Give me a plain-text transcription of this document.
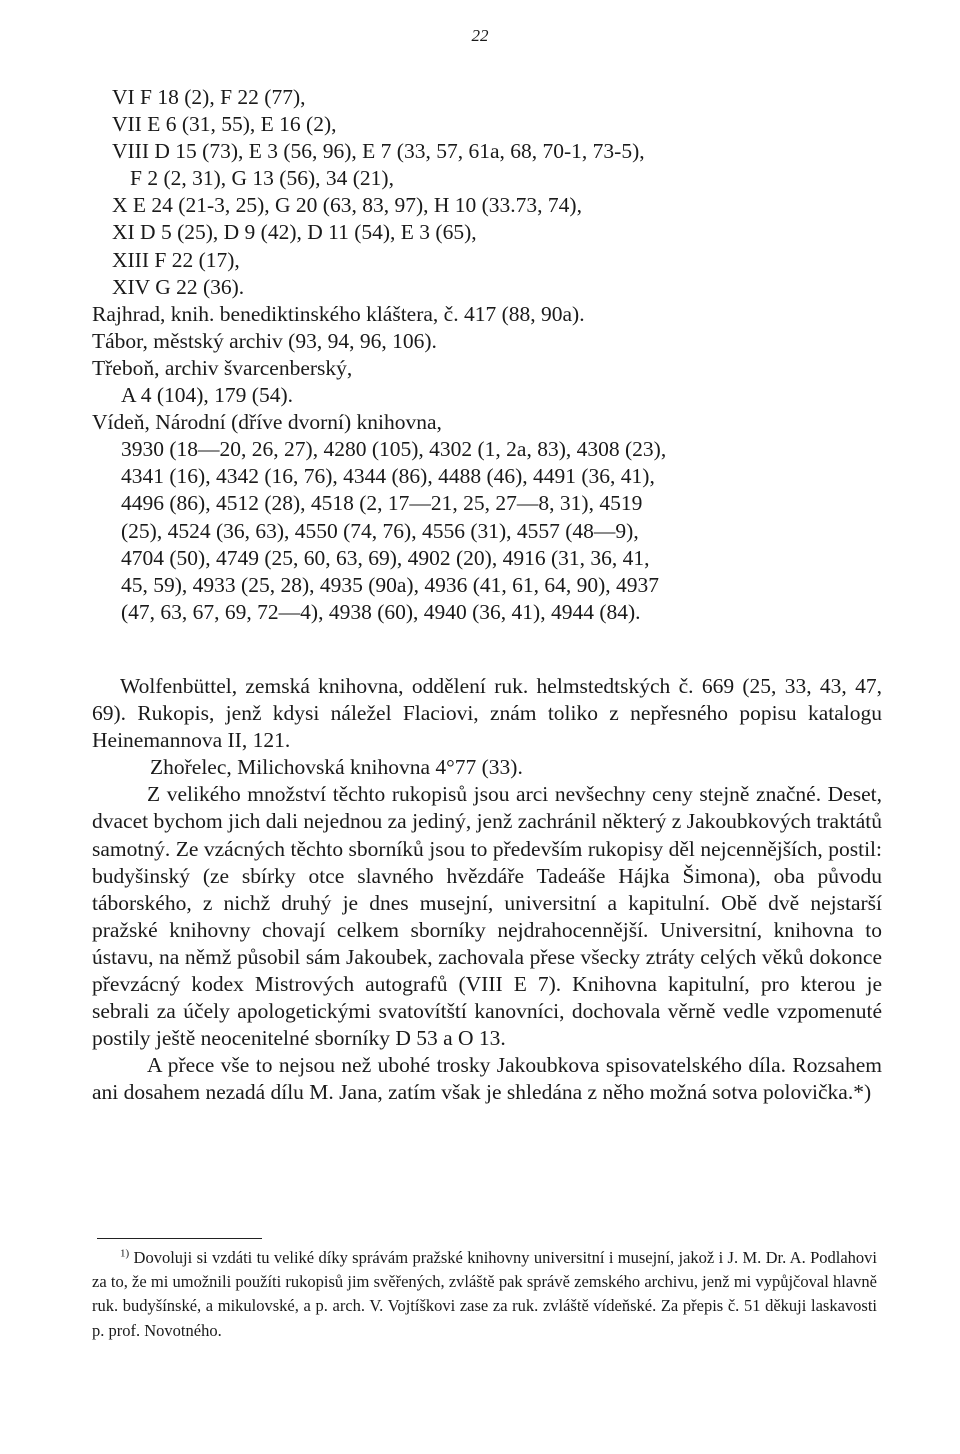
22
VI F 18 (2), F 22 (77),
VII E 6 (31, 55), E 16 (2),
VIII D 15 (73), E 3 (56, 96), E 7 (33, 57, 61a, 68, 70-1, 73-5),
F 2 (2, 31), G 13 (56), 34 (21),
X E 24 (21-3, 25), G 20 (63, 83, 97), H 10 (33.73, 74),
XI D 5 (25), D 9 (42), D 11 (54), E 3 (65),
XIII F 22 (17),
XIV G 22 (36).
Rajhrad, knih. benediktinského kláštera, č. 417 (88, 90a).
Tábor, městský archiv (93, 94, 96, 106).
Třeboň, archiv švarcenberský,
A 4 (104), 179 (54).
Vídeň, Národní (dříve dvorní) knihovna,
3930 (18—20, 26, 27), 4280 (105), 4302 (1, 2a, 83), 4308 (23),
4341 (16), 4342 (16, 76), 4344 (86), 4488 (46), 4491 (36, 41),
4496 (86), 4512 (28), 4518 (2, 17—21, 25, 27—8, 31), 4519
(25), 4524 (36, 63), 4550 (74, 76), 4556 (31), 4557 (48—9),
4704 (50), 4749 (25, 60, 63, 69), 4902 (20), 4916 (31, 36, 41,
45, 59), 4933 (25, 28), 4935 (90a), 4936 (41, 61, 64, 90), 4937
(47, 63, 67, 69, 72—4), 4938 (60), 4940 (36, 41), 4944 (84).

Wolfenbüttel, zemská knihovna, oddělení ruk. helmstedtských č. 669 (25, 33, 43, 47, 69). Rukopis, jenž kdysi náležel Flaciovi, znám toliko z nepřesného popisu katalogu Heinemannova II, 121.

Zhořelec, Milichovská knihovna 4°77 (33).

Z velikého množství těchto rukopisů jsou arci nevšechny ceny stejně značné. Deset, dvacet bychom jich dali nejednou za jediný, jenž zachránil některý z Jakoubkových traktátů samotný. Ze vzácných těchto sborníků jsou to především rukopisy děl nejcennějších, postil: budyšinský (ze sbírky otce slavného hvězdáře Tadeáše Hájka Šimona), oba původu táborského, z nichž druhý je dnes musejní, universitní a kapitulní. Obě dvě nejstarší pražské knihovny chovají celkem sborníky nejdrahocennější. Universitní, knihovna to ústavu, na němž působil sám Jakoubek, zachovala přese všecky ztráty celých věků dokonce převzácný kodex Mistrových autografů (VIII E 7). Knihovna kapitulní, pro kterou je sebrali za účely apologetickými svatovítští kanovníci, dochovala věrně vedle vzpomenuté postily ještě neocenitelné sborníky D 53 a O 13.

A přece vše to nejsou než ubohé trosky Jakoubkova spisovatelského díla. Rozsahem ani dosahem nezadá dílu M. Jana, zatím však je shledána z něho možná sotva polovička.*)

$^{1)}$ Dovoluji si vzdáti tu veliké díky správám pražské knihovny universitní i musejní, jakož i J. M. Dr. A. Podlahovi za to, že mi umožnili použíti rukopisů jim svěřených, zvláště pak správě zemského archivu, jenž mi vypůjčoval hlavně ruk. budyšínské, a mikulovské, a p. arch. V. Vojtíškovi zase za ruk. zvláště vídeňské. Za přepis č. 51 děkuji laskavosti p. prof. Novotného.
